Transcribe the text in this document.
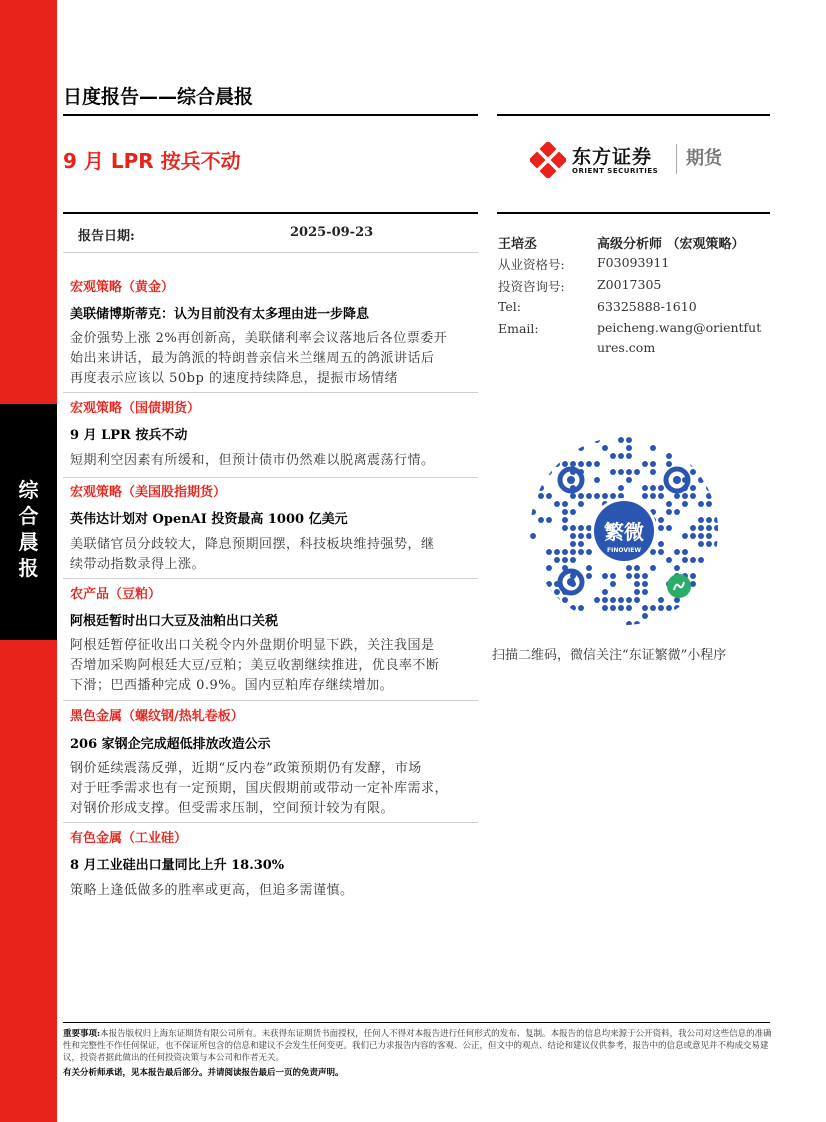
综
合
晨
报
日度报告——综合晨报
9 月 LPR 按兵不动	东方证券
ORIENT SECURITIES
期货
报告日期:	2025-09-23
宏观策略（黄金）
美联储博斯蒂克：认为目前没有太多理由进一步降息
金价强势上涨 2%再创新高，美联储利率会议落地后各位票委开
始出来讲话，最为鸽派的特朗普亲信米兰继周五的鸽派讲话后
再度表示应该以 50bp 的速度持续降息，提振市场情绪
宏观策略（国债期货）
9 月 LPR 按兵不动
短期利空因素有所缓和，但预计债市仍然难以脱离震荡行情。
宏观策略（美国股指期货）
英伟达计划对 OpenAI 投资最高 1000 亿美元
美联储官员分歧较大，降息预期回摆，科技板块维持强势，继
续带动指数录得上涨。
农产品（豆粕）
阿根廷暂时出口大豆及油粕出口关税
阿根廷暂停征收出口关税令内外盘期价明显下跌，关注我国是
否增加采购阿根廷大豆/豆粕；美豆收割继续推进，优良率不断
下滑；巴西播种完成 0.9%。国内豆粕库存继续增加。
黑色金属（螺纹钢/热轧卷板）
206 家钢企完成超低排放改造公示
钢价延续震荡反弹，近期“反内卷”政策预期仍有发酵，市场
对于旺季需求也有一定预期，国庆假期前或带动一定补库需求，
对钢价形成支撑。但受需求压制，空间预计较为有限。
有色金属（工业硅）
8 月工业硅出口量同比上升 18.30%
策略上逢低做多的胜率或更高，但追多需谨慎。
王培丞	高级分析师 （宏观策略）
从业资格号:	F03093911
投资咨询号:	Z0017305
Tel:	63325888-1610
Email:	peicheng.wang@orientfutures.com
繁微
FINOVIEW
扫描二维码，微信关注“东证繁微”小程序
重要事项:本报告版权归上海东证期货有限公司所有。未获得东证期货书面授权，任何人不得对本报告进行任何形式的发布、复制。本报告的信息均来源于公开资料，我公司对这些信息的准确性和完整性不作任何保证，也不保证所包含的信息和建议不会发生任何变更。我们已力求报告内容的客观、公正，但文中的观点、结论和建议仅供参考，报告中的信息或意见并不构成交易建议，投资者据此做出的任何投资决策与本公司和作者无关。
有关分析师承诺，见本报告最后部分。并请阅读报告最后一页的免责声明。
